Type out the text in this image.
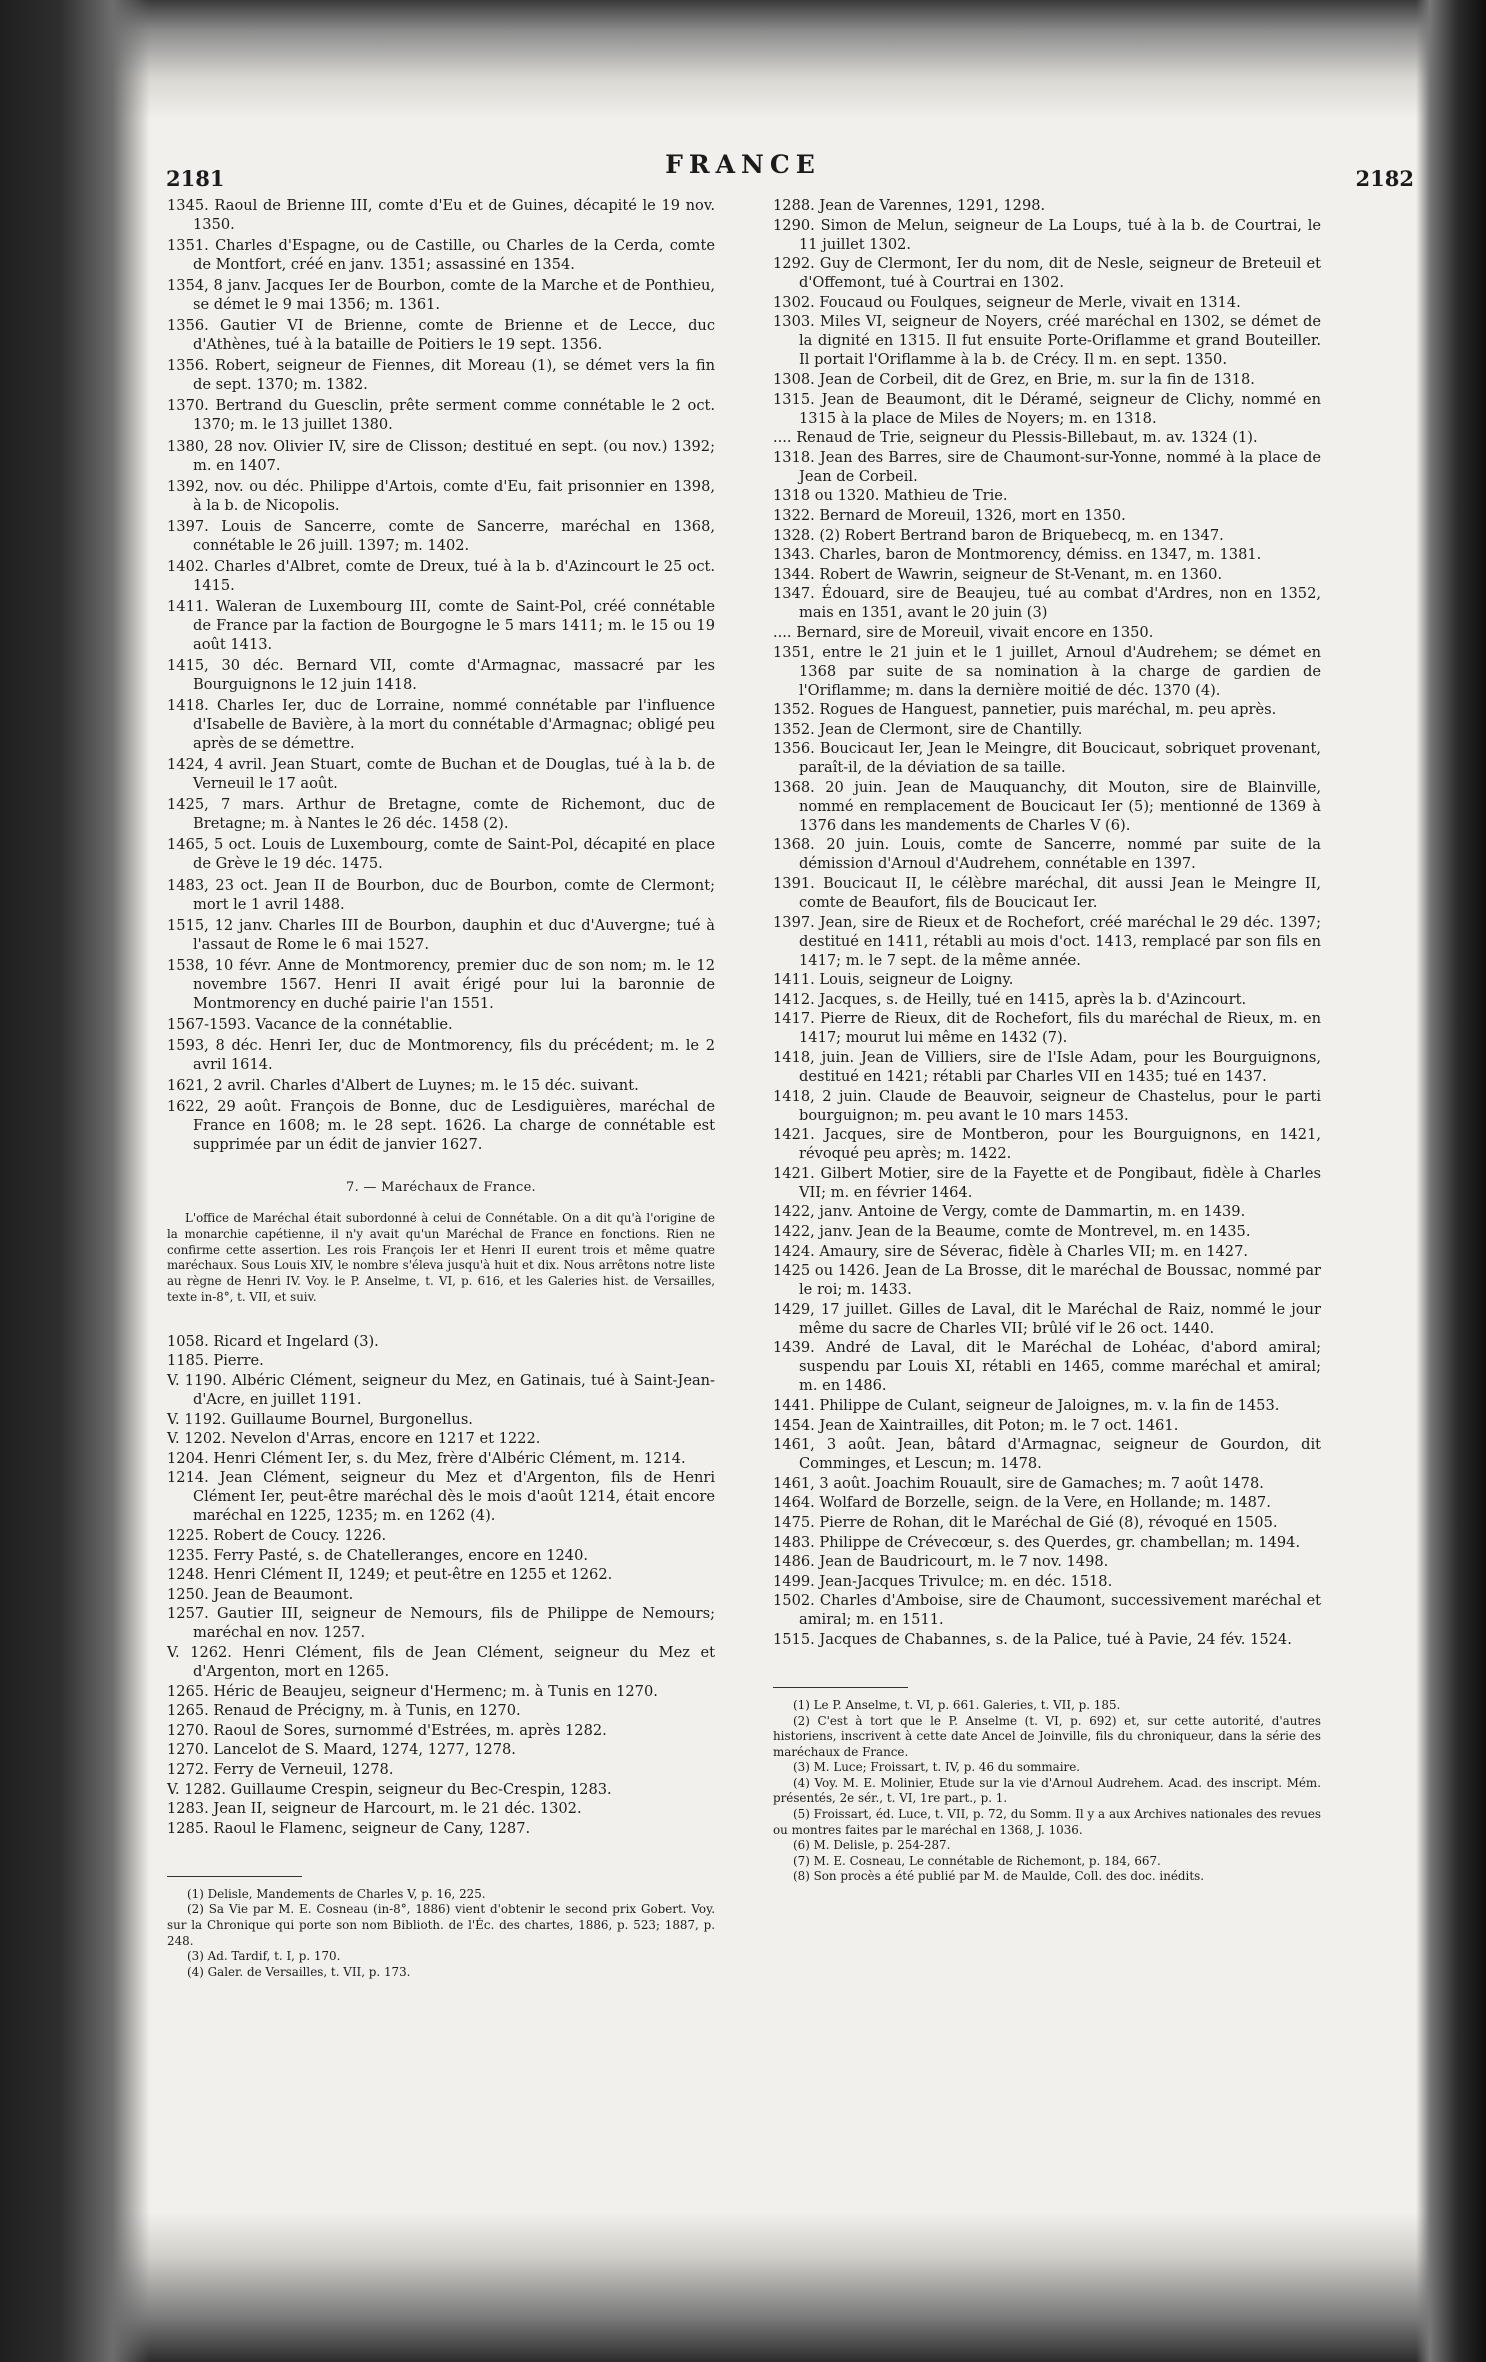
2181	FRANCE	2182

1345. Raoul de Brienne III, comte d'Eu et de Guines, décapité le 19 nov. 1350.

1351. Charles d'Espagne, ou de Castille, ou Charles de la Cerda, comte de Montfort, créé en janv. 1351; assassiné en 1354.

1354, 8 janv. Jacques Ier de Bourbon, comte de la Marche et de Ponthieu, se démet le 9 mai 1356; m. 1361.

1356. Gautier VI de Brienne, comte de Brienne et de Lecce, duc d'Athènes, tué à la bataille de Poitiers le 19 sept. 1356.

1356. Robert, seigneur de Fiennes, dit Moreau (1), se démet vers la fin de sept. 1370; m. 1382.

1370. Bertrand du Guesclin, prête serment comme connétable le 2 oct. 1370; m. le 13 juillet 1380.

1380, 28 nov. Olivier IV, sire de Clisson; destitué en sept. (ou nov.) 1392; m. en 1407.

1392, nov. ou déc. Philippe d'Artois, comte d'Eu, fait prisonnier en 1398, à la b. de Nicopolis.

1397. Louis de Sancerre, comte de Sancerre, maréchal en 1368, connétable le 26 juill. 1397; m. 1402.

1402. Charles d'Albret, comte de Dreux, tué à la b. d'Azincourt le 25 oct. 1415.

1411. Waleran de Luxembourg III, comte de Saint-Pol, créé connétable de France par la faction de Bourgogne le 5 mars 1411; m. le 15 ou 19 août 1413.

1415, 30 déc. Bernard VII, comte d'Armagnac, massacré par les Bourguignons le 12 juin 1418.

1418. Charles Ier, duc de Lorraine, nommé connétable par l'influence d'Isabelle de Bavière, à la mort du connétable d'Armagnac; obligé peu après de se démettre.

1424, 4 avril. Jean Stuart, comte de Buchan et de Douglas, tué à la b. de Verneuil le 17 août.

1425, 7 mars. Arthur de Bretagne, comte de Richemont, duc de Bretagne; m. à Nantes le 26 déc. 1458 (2).

1465, 5 oct. Louis de Luxembourg, comte de Saint-Pol, décapité en place de Grève le 19 déc. 1475.

1483, 23 oct. Jean II de Bourbon, duc de Bourbon, comte de Clermont; mort le 1 avril 1488.

1515, 12 janv. Charles III de Bourbon, dauphin et duc d'Auvergne; tué à l'assaut de Rome le 6 mai 1527.

1538, 10 févr. Anne de Montmorency, premier duc de son nom; m. le 12 novembre 1567. Henri II avait érigé pour lui la baronnie de Montmorency en duché pairie l'an 1551.

1567-1593. Vacance de la connétablie.

1593, 8 déc. Henri Ier, duc de Montmorency, fils du précédent; m. le 2 avril 1614.

1621, 2 avril. Charles d'Albert de Luynes; m. le 15 déc. suivant.

1622, 29 août. François de Bonne, duc de Lesdiguières, maréchal de France en 1608; m. le 28 sept. 1626. La charge de connétable est supprimée par un édit de janvier 1627.

7. — Maréchaux de France.

L'office de Maréchal était subordonné à celui de Connétable. On a dit qu'à l'origine de la monarchie capétienne, il n'y avait qu'un Maréchal de France en fonctions. Rien ne confirme cette assertion. Les rois François Ier et Henri II eurent trois et même quatre maréchaux. Sous Louis XIV, le nombre s'éleva jusqu'à huit et dix. Nous arrêtons notre liste au règne de Henri IV. Voy. le P. Anselme, t. VI, p. 616, et les Galeries hist. de Versailles, texte in-8°, t. VII, et suiv.

1058. Ricard et Ingelard (3).

1185. Pierre.

V. 1190. Albéric Clément, seigneur du Mez, en Gatinais, tué à Saint-Jean-d'Acre, en juillet 1191.

V. 1192. Guillaume Bournel, Burgonellus.

V. 1202. Nevelon d'Arras, encore en 1217 et 1222.

1204. Henri Clément Ier, s. du Mez, frère d'Albéric Clément, m. 1214.

1214. Jean Clément, seigneur du Mez et d'Argenton, fils de Henri Clément Ier, peut-être maréchal dès le mois d'août 1214, était encore maréchal en 1225, 1235; m. en 1262 (4).

1225. Robert de Coucy. 1226.

1235. Ferry Pasté, s. de Chatelleranges, encore en 1240.

1248. Henri Clément II, 1249; et peut-être en 1255 et 1262.

1250. Jean de Beaumont.

1257. Gautier III, seigneur de Nemours, fils de Philippe de Nemours; maréchal en nov. 1257.

V. 1262. Henri Clément, fils de Jean Clément, seigneur du Mez et d'Argenton, mort en 1265.

1265. Héric de Beaujeu, seigneur d'Hermenc; m. à Tunis en 1270.

1265. Renaud de Précigny, m. à Tunis, en 1270.

1270. Raoul de Sores, surnommé d'Estrées, m. après 1282.

1270. Lancelot de S. Maard, 1274, 1277, 1278.

1272. Ferry de Verneuil, 1278.

V. 1282. Guillaume Crespin, seigneur du Bec-Crespin, 1283.

1283. Jean II, seigneur de Harcourt, m. le 21 déc. 1302.

1285. Raoul le Flamenc, seigneur de Cany, 1287.

(1) Delisle, Mandements de Charles V, p. 16, 225.

(2) Sa Vie par M. E. Cosneau (in-8°, 1886) vient d'obtenir le second prix Gobert. Voy. sur la Chronique qui porte son nom Biblioth. de l'Éc. des chartes, 1886, p. 523; 1887, p. 248.

(3) Ad. Tardif, t. I, p. 170.

(4) Galer. de Versailles, t. VII, p. 173.

1288. Jean de Varennes, 1291, 1298.

1290. Simon de Melun, seigneur de La Loups, tué à la b. de Courtrai, le 11 juillet 1302.

1292. Guy de Clermont, Ier du nom, dit de Nesle, seigneur de Breteuil et d'Offemont, tué à Courtrai en 1302.

1302. Foucaud ou Foulques, seigneur de Merle, vivait en 1314.

1303. Miles VI, seigneur de Noyers, créé maréchal en 1302, se démet de la dignité en 1315. Il fut ensuite Porte-Oriflamme et grand Bouteiller. Il portait l'Oriflamme à la b. de Crécy. Il m. en sept. 1350.

1308. Jean de Corbeil, dit de Grez, en Brie, m. sur la fin de 1318.

1315. Jean de Beaumont, dit le Déramé, seigneur de Clichy, nommé en 1315 à la place de Miles de Noyers; m. en 1318.

.... Renaud de Trie, seigneur du Plessis-Billebaut, m. av. 1324 (1).

1318. Jean des Barres, sire de Chaumont-sur-Yonne, nommé à la place de Jean de Corbeil.

1318 ou 1320. Mathieu de Trie.

1322. Bernard de Moreuil, 1326, mort en 1350.

1328. (2) Robert Bertrand baron de Briquebecq, m. en 1347.

1343. Charles, baron de Montmorency, démiss. en 1347, m. 1381.

1344. Robert de Wawrin, seigneur de St-Venant, m. en 1360.

1347. Édouard, sire de Beaujeu, tué au combat d'Ardres, non en 1352, mais en 1351, avant le 20 juin (3)

.... Bernard, sire de Moreuil, vivait encore en 1350.

1351, entre le 21 juin et le 1 juillet, Arnoul d'Audrehem; se démet en 1368 par suite de sa nomination à la charge de gardien de l'Oriflamme; m. dans la dernière moitié de déc. 1370 (4).

1352. Rogues de Hanguest, pannetier, puis maréchal, m. peu après.

1352. Jean de Clermont, sire de Chantilly.

1356. Boucicaut Ier, Jean le Meingre, dit Boucicaut, sobriquet provenant, paraît-il, de la déviation de sa taille.

1368. 20 juin. Jean de Mauquanchy, dit Mouton, sire de Blainville, nommé en remplacement de Boucicaut Ier (5); mentionné de 1369 à 1376 dans les mandements de Charles V (6).

1368. 20 juin. Louis, comte de Sancerre, nommé par suite de la démission d'Arnoul d'Audrehem, connétable en 1397.

1391. Boucicaut II, le célèbre maréchal, dit aussi Jean le Meingre II, comte de Beaufort, fils de Boucicaut Ier.

1397. Jean, sire de Rieux et de Rochefort, créé maréchal le 29 déc. 1397; destitué en 1411, rétabli au mois d'oct. 1413, remplacé par son fils en 1417; m. le 7 sept. de la même année.

1411. Louis, seigneur de Loigny.

1412. Jacques, s. de Heilly, tué en 1415, après la b. d'Azincourt.

1417. Pierre de Rieux, dit de Rochefort, fils du maréchal de Rieux, m. en 1417; mourut lui même en 1432 (7).

1418, juin. Jean de Villiers, sire de l'Isle Adam, pour les Bourguignons, destitué en 1421; rétabli par Charles VII en 1435; tué en 1437.

1418, 2 juin. Claude de Beauvoir, seigneur de Chastelus, pour le parti bourguignon; m. peu avant le 10 mars 1453.

1421. Jacques, sire de Montberon, pour les Bourguignons, en 1421, révoqué peu après; m. 1422.

1421. Gilbert Motier, sire de la Fayette et de Pongibaut, fidèle à Charles VII; m. en février 1464.

1422, janv. Antoine de Vergy, comte de Dammartin, m. en 1439.

1422, janv. Jean de la Beaume, comte de Montrevel, m. en 1435.

1424. Amaury, sire de Séverac, fidèle à Charles VII; m. en 1427.

1425 ou 1426. Jean de La Brosse, dit le maréchal de Boussac, nommé par le roi; m. 1433.

1429, 17 juillet. Gilles de Laval, dit le Maréchal de Raiz, nommé le jour même du sacre de Charles VII; brûlé vif le 26 oct. 1440.

1439. André de Laval, dit le Maréchal de Lohéac, d'abord amiral; suspendu par Louis XI, rétabli en 1465, comme maréchal et amiral; m. en 1486.

1441. Philippe de Culant, seigneur de Jaloignes, m. v. la fin de 1453.

1454. Jean de Xaintrailles, dit Poton; m. le 7 oct. 1461.

1461, 3 août. Jean, bâtard d'Armagnac, seigneur de Gourdon, dit Comminges, et Lescun; m. 1478.

1461, 3 août. Joachim Rouault, sire de Gamaches; m. 7 août 1478.

1464. Wolfard de Borzelle, seign. de la Vere, en Hollande; m. 1487.

1475. Pierre de Rohan, dit le Maréchal de Gié (8), révoqué en 1505.

1483. Philippe de Crévecœur, s. des Querdes, gr. chambellan; m. 1494.

1486. Jean de Baudricourt, m. le 7 nov. 1498.

1499. Jean-Jacques Trivulce; m. en déc. 1518.

1502. Charles d'Amboise, sire de Chaumont, successivement maréchal et amiral; m. en 1511.

1515. Jacques de Chabannes, s. de la Palice, tué à Pavie, 24 fév. 1524.

(1) Le P. Anselme, t. VI, p. 661. Galeries, t. VII, p. 185.

(2) C'est à tort que le P. Anselme (t. VI, p. 692) et, sur cette autorité, d'autres historiens, inscrivent à cette date Ancel de Joinville, fils du chroniqueur, dans la série des maréchaux de France.

(3) M. Luce; Froissart, t. IV, p. 46 du sommaire.

(4) Voy. M. E. Molinier, Etude sur la vie d'Arnoul Audrehem. Acad. des inscript. Mém. présentés, 2e sér., t. VI, 1re part., p. 1.

(5) Froissart, éd. Luce, t. VII, p. 72, du Somm. Il y a aux Archives nationales des revues ou montres faites par le maréchal en 1368, J. 1036.

(6) M. Delisle, p. 254-287.

(7) M. E. Cosneau, Le connétable de Richemont, p. 184, 667.

(8) Son procès a été publié par M. de Maulde, Coll. des doc. inédits.
